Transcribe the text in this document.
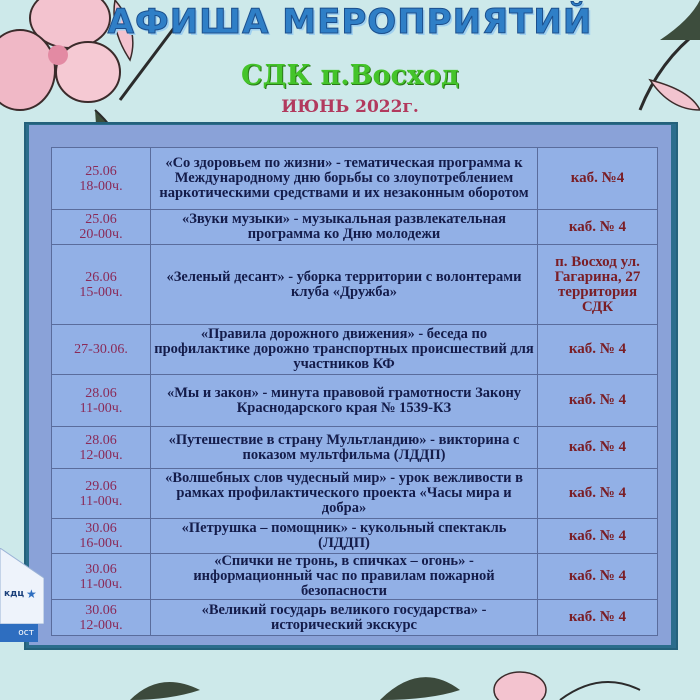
АФИША МЕРОПРИЯТИЙ
СДК п.Восход
ИЮНЬ 2022г.
25.06
18-00ч.	«Со здоровьем по жизни» - тематическая программа к Международному дню борьбы со злоупотреблением наркотическими средствами и их незаконным оборотом	каб. №4

25.06
20-00ч.	«Звуки музыки» - музыкальная развлекательная программа ко Дню молодежи	каб. № 4

26.06
15-00ч.	«Зеленый десант» - уборка территории с волонтерами клуба «Дружба»	п. Восход ул. Гагарина, 27 территория СДК

27-30.06.	«Правила дорожного движения» - беседа по профилактике дорожно транспортных происшествий для участников КФ	каб. № 4

28.06
11-00ч.	«Мы и закон» - минута правовой грамотности Закону Краснодарского края № 1539-КЗ	каб. № 4

28.06
12-00ч.	«Путешествие в страну Мультландию» - викторина с показом мультфильма (ЛДДП)	каб. № 4

29.06
11-00ч.	«Волшебных слов чудесный мир» - урок вежливости в рамках профилактического проекта «Часы мира и добра»	каб. № 4

30.06
16-00ч.	«Петрушка – помощник» - кукольный спектакль (ЛДДП)	каб. № 4

30.06
11-00ч.	«Спички не тронь, в спичках – огонь» - информационный час по правилам пожарной безопасности	каб. № 4

30.06
12-00ч.	«Великий государь великого государства» - исторический экскурс	каб. № 4
кдц ★
ост
